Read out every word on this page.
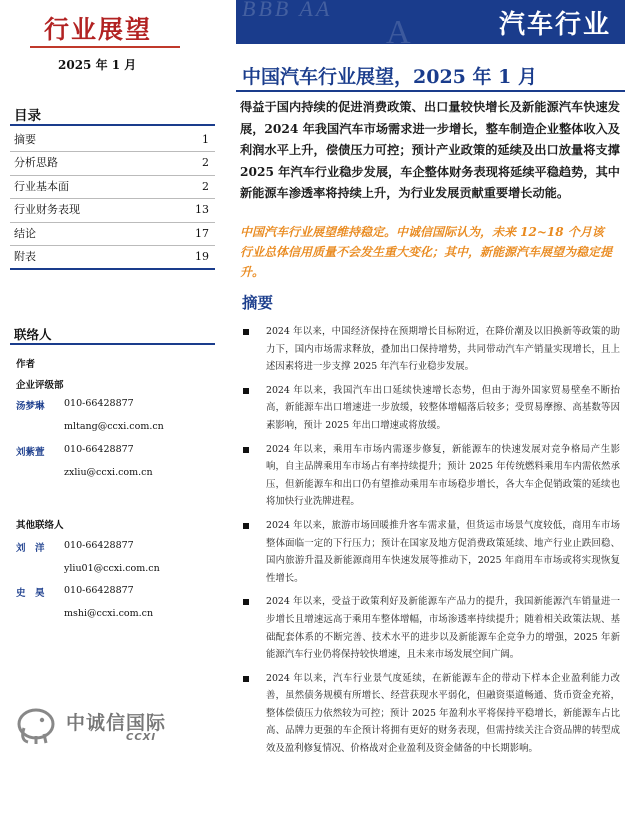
行业展望
2025 年 1 月
BBB AA
A	汽车行业
中国汽车行业展望，2025 年 1 月
得益于国内持续的促进消费政策、出口量较快增长及新能源汽车快速发展，2024 年我国汽车市场需求进一步增长，整车制造企业整体收入及利润水平上升，偿债压力可控；预计产业政策的延续及出口放量将支撑 2025 年汽车行业稳步发展，车企整体财务表现将延续平稳趋势，其中新能源车渗透率将持续上升，为行业发展贡献重要增长动能。
中国汽车行业展望维持稳定。中诚信国际认为，未来 12~18 个月该行业总体信用质量不会发生重大变化；其中，新能源汽车展望为稳定提升。
摘要
2024 年以来，中国经济保持在预期增长目标附近，在降价潮及以旧换新等政策的助力下，国内市场需求释放，叠加出口保持增势，共同带动汽车产销量实现增长，且上述因素将进一步支撑 2025 年汽车行业稳步发展。
2024 年以来，我国汽车出口延续快速增长态势，但由于海外国家贸易壁垒不断抬高，新能源车出口增速进一步放缓，较整体增幅落后较多；受贸易摩擦、高基数等因素影响，预计 2025 年出口增速或将放缓。
2024 年以来，乘用车市场内需逐步修复，新能源车的快速发展对竞争格局产生影响，自主品牌乘用车市场占有率持续提升；预计 2025 年传统燃料乘用车内需依然承压，但新能源车和出口仍有望推动乘用车市场稳步增长，各大车企促销政策的延续也将加快行业洗牌进程。
2024 年以来，旅游市场回暖推升客车需求量，但货运市场景气度较低，商用车市场整体面临一定的下行压力；预计在国家及地方促消费政策延续、地产行业止跌回稳、国内旅游升温及新能源商用车快速发展等推动下，2025 年商用车市场或将实现恢复性增长。
2024 年以来，受益于政策利好及新能源车产品力的提升，我国新能源汽车销量进一步增长且增速远高于乘用车整体增幅，市场渗透率持续提升；随着相关政策法规、基础配套体系的不断完善、技术水平的进步以及新能源车企竞争力的增强，2025 年新能源汽车行业仍将保持较快增速，且未来市场发展空间广阔。
2024 年以来，汽车行业景气度延续，在新能源车企的带动下样本企业盈利能力改善，虽然债务规模有所增长、经营获现水平弱化，但融资渠道畅通、货币资金充裕，整体偿债压力依然较为可控；预计 2025 年盈利水平将保持平稳增长，新能源车占比高、品牌力更强的车企预计将拥有更好的财务表现，但需持续关注合资品牌的转型成效及盈利修复情况、价格战对企业盈利及资金储备的中长期影响。
目录
摘要	1
分析思路	2
行业基本面	2
行业财务表现	13
结论	17
附表	19
联络人
作者
企业评级部
汤梦琳 010-66428877
mltang@ccxi.com.cn
刘紫萱 010-66428877
zxliu@ccxi.com.cn
其他联络人
刘　洋 010-66428877
yliu01@ccxi.com.cn
史　昊 010-66428877
mshi@ccxi.com.cn
中诚信国际
CCXI
